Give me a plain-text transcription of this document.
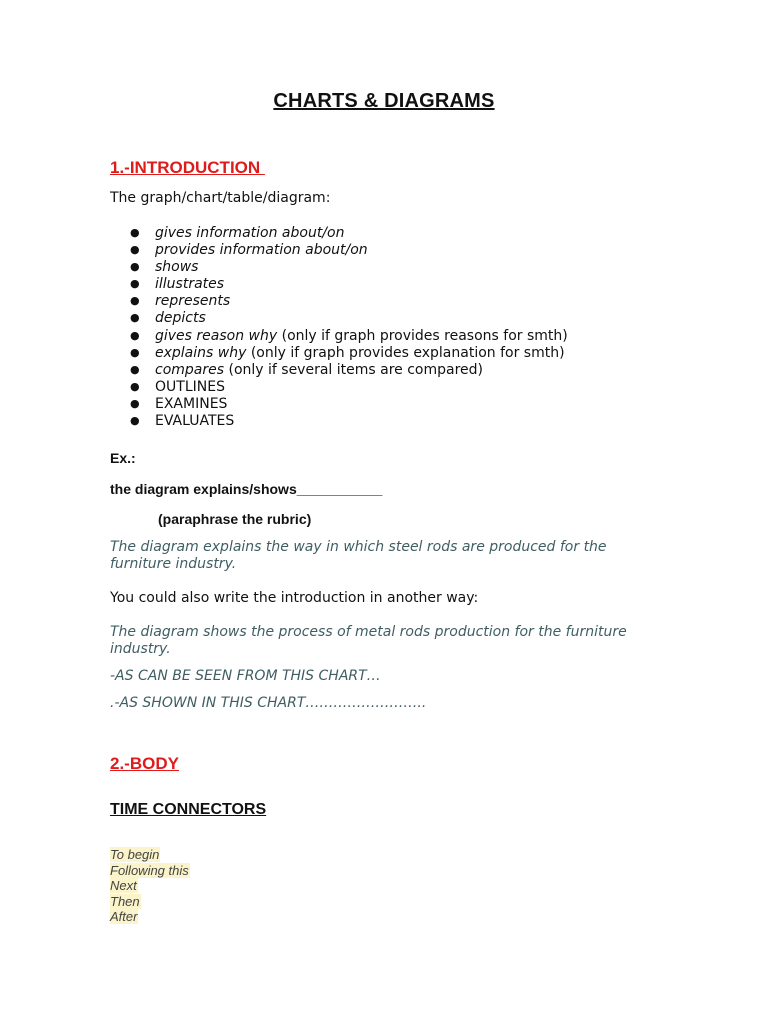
CHARTS & DIAGRAMS
1.-INTRODUCTION
The graph/chart/table/diagram:
● gives information about/on
● provides information about/on
● shows
● illustrates
● represents
● depicts
● gives reason why (only if graph provides reasons for smth)
● explains why (only if graph provides explanation for smth)
● compares (only if several items are compared)
● OUTLINES
● EXAMINES
● EVALUATES
Ex.:
the diagram explains/shows___________
(paraphrase the rubric)
The diagram explains the way in which steel rods are produced for the furniture industry.
You could also write the introduction in another way:
The diagram shows the process of metal rods production for the furniture industry.
-AS CAN BE SEEN FROM THIS CHART…
.-AS SHOWN IN THIS CHART……………………..
2.-BODY
TIME CONNECTORS
To begin
Following this
Next
Then
After
